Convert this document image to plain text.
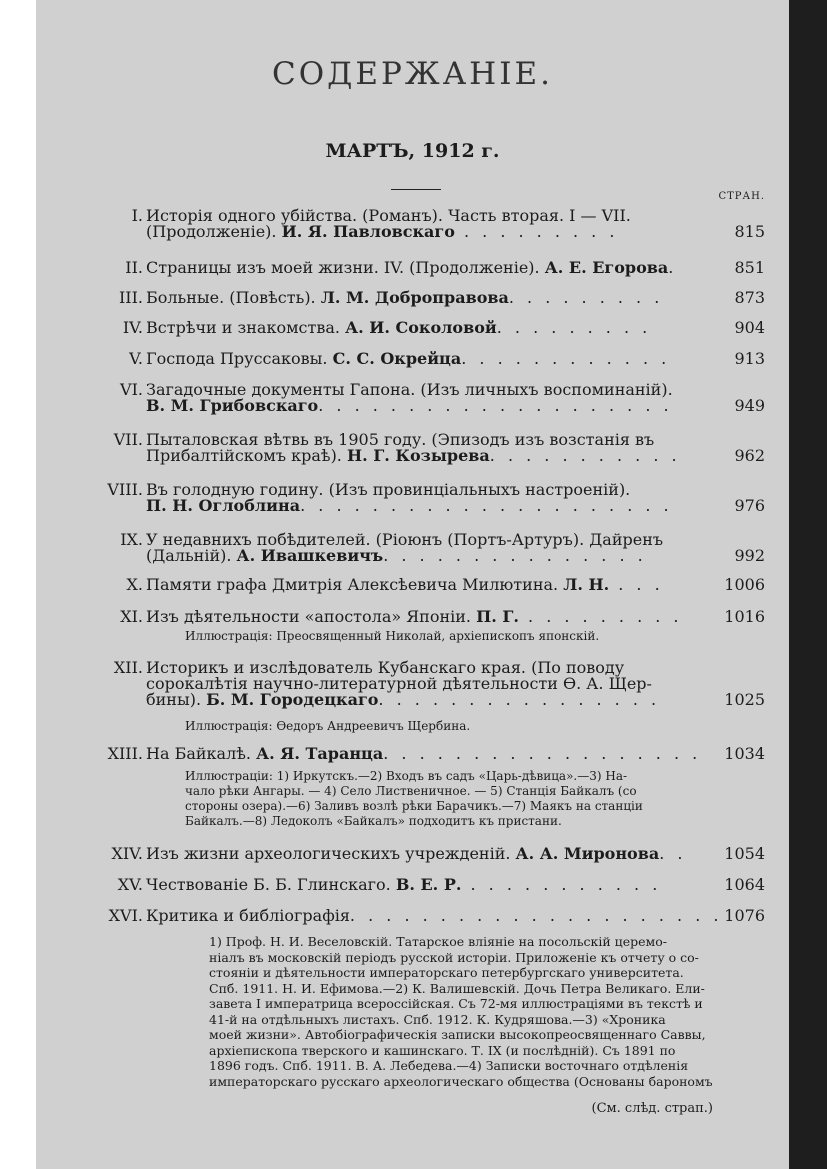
СОДЕРЖАНІЕ.
МАРТЪ, 1912 г.
СТРАН.
I. Исторія одного убійства. (Романъ). Часть вторая. I — VII.
(Продолженіе). И. Я. Павловскаго . . . . . . . . .	815
II. Страницы изъ моей жизни. IV. (Продолженіе). А. Е. Егорова.	851
III. Больные. (Повѣсть). Л. М. Доброправова. . . . . . . . .	873
IV. Встрѣчи и знакомства. А. И. Соколовой. . . . . . . . .	904
V. Господа Пруссаковы. С. С. Окрейца. . . . . . . . . . . .	913
VI. Загадочные документы Гапона. (Изъ личныхъ воспоминаній).
В. М. Грибовскаго. . . . . . . . . . . . . . . . . . . .	949
VII. Пыталовская вѣтвь въ 1905 году. (Эпизодъ изъ возстанія въ
Прибалтійскомъ краѣ). Н. Г. Козырева. . . . . . . . . . .	962
VIII. Въ голодную годину. (Изъ провинціальныхъ настроеній).
П. Н. Оглоблина. . . . . . . . . . . . . . . . . . . . .	976
IX. У недавнихъ побѣдителей. (Ріоюнъ (Портъ-Артуръ). Дайренъ
(Дальній). А. Ивашкевичъ. . . . . . . . . . . . . . .	992
X. Памяти графа Дмитрія Алексѣевича Милютина. Л. Н. . . .	1006
XI. Изъ дѣятельности «апостола» Японіи. П. Г. . . . . . . . . .	1016
XII. Историкъ и изслѣдователь Кубанскаго края. (По поводу
сорокалѣтія научно-литературной дѣятельности Ѳ. А. Щер-
бины). Б. М. Городецкаго. . . . . . . . . . . . . . . .	1025
XIII. На Байкалѣ. А. Я. Таранца. . . . . . . . . . . . . . . . . . 1034
XIV. Изъ жизни археологическихъ учрежденій. А. А. Миронова. . 1054
XV. Чествованіе Б. Б. Глинскаго. В. Е. Р. . . . . . . . . . . .	1064
XVI. Критика и библіографія. . . . . . . . . . . . . . . . . . . . . 1076
Иллюстрація: Преосвященный Николай, архіепископъ японскій.
Иллюстрація: Ѳедоръ Андреевичъ Щербина.
Иллюстраціи: 1) Иркутскъ.—2) Входъ въ садъ «Царь-дѣвица».—3) На-
чало рѣки Ангары. — 4) Село Лиственичное. — 5) Станція Байкалъ (со
стороны озера).—6) Заливъ возлѣ рѣки Барачикъ.—7) Маякъ на станціи
Байкалъ.—8) Ледоколъ «Байкалъ» подходитъ къ пристани.
1) Проф. Н. И. Веселовскій. Татарское вліяніе на посольскій церемо-
ніалъ въ московскій періодъ русской исторіи. Приложеніе къ отчету о со-
стояніи и дѣятельности императорскаго петербургскаго университета.
Спб. 1911. Н. И. Ефимова.—2) К. Валишевскій. Дочь Петра Великаго. Ели-
завета I императрица всероссійская. Съ 72-мя иллюстраціями въ текстѣ и
41-й на отдѣльныхъ листахъ. Спб. 1912. К. Кудряшова.—3) «Хроника
моей жизни». Автобіографическія записки высокопреосвященнаго Саввы,
архіепископа тверского и кашинскаго. Т. IX (и послѣдній). Съ 1891 по
1896 годъ. Спб. 1911. В. А. Лебедева.—4) Записки восточнаго отдѣленія
императорскаго русскаго археологическаго общества (Основаны барономъ
(См. слѣд. страп.)
